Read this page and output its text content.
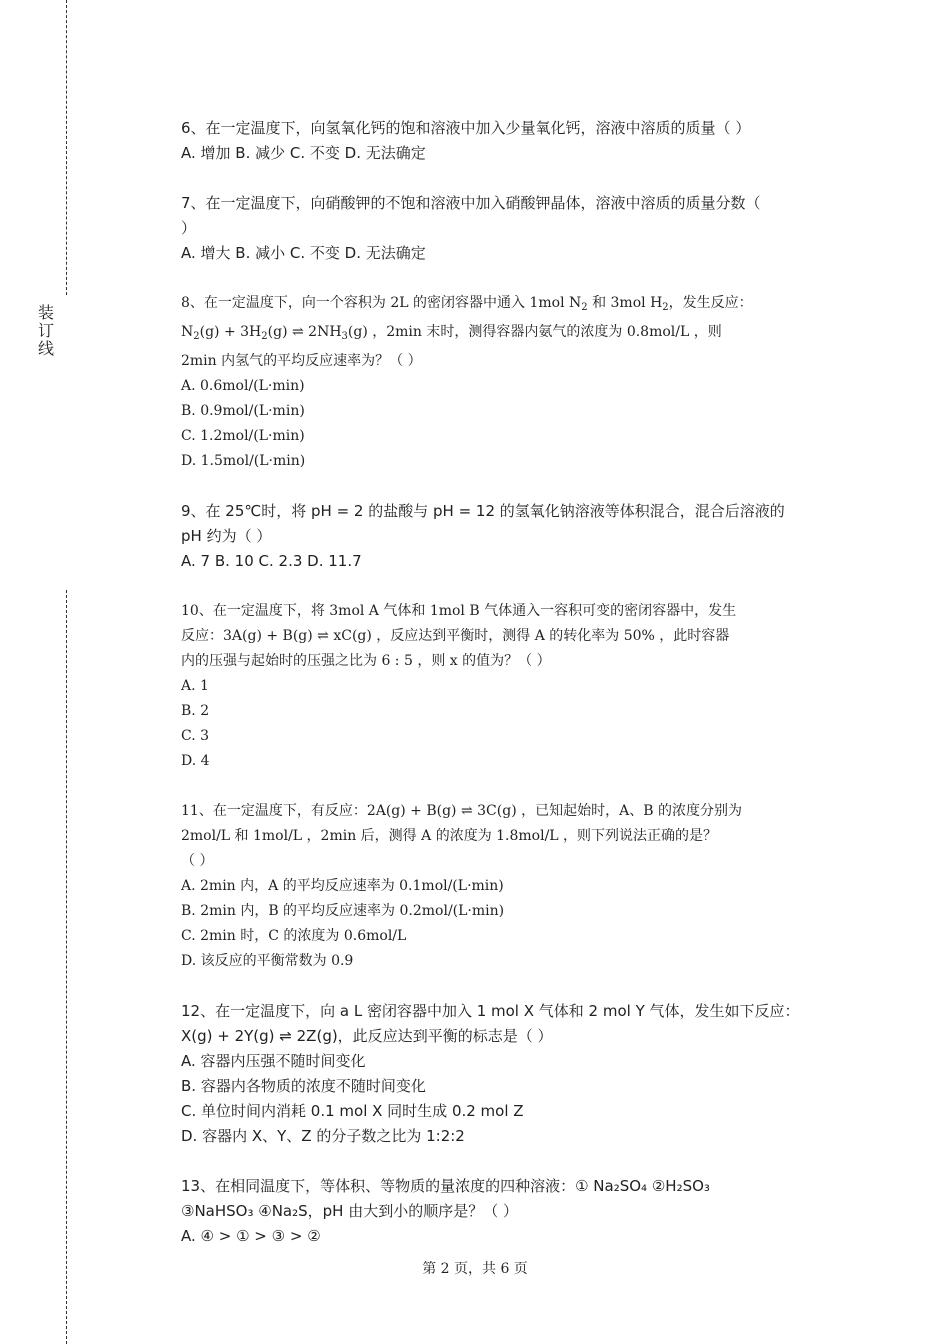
装
订
线
6、在一定温度下，向氢氧化钙的饱和溶液中加入少量氧化钙，溶液中溶质的质量（ ）
A. 增加 B. 减少 C. 不变 D. 无法确定
7、在一定温度下，向硝酸钾的不饱和溶液中加入硝酸钾晶体，溶液中溶质的质量分数（
）
A. 增大 B. 减小 C. 不变 D. 无法确定
8、在一定温度下，向一个容积为 2L 的密闭容器中通入 1mol $N_2$ 和 3mol $H_2$，发生反应：
$N_2(g) + 3H_2(g)$ ⇌ $2NH_3(g)$ ，2min 末时，测得容器内氨气的浓度为 0.8mol/L ，则
2min 内氢气的平均反应速率为？（ ）
A. 0.6mol/(L·min)
B. 0.9mol/(L·min)
C. 1.2mol/(L·min)
D. 1.5mol/(L·min)
9、在 25℃时，将 pH = 2 的盐酸与 pH = 12 的氢氧化钠溶液等体积混合，混合后溶液的
pH 约为（ ）
A. 7 B. 10 C. 2.3 D. 11.7
10、在一定温度下，将 3mol A 气体和 1mol B 气体通入一容积可变的密闭容器中，发生
反应：3A(g) + B(g) ⇌ xC(g) ，反应达到平衡时，测得 A 的转化率为 50% ，此时容器
内的压强与起始时的压强之比为 6 : 5 ，则 x 的值为？（ ）
A. 1
B. 2
C. 3
D. 4
11、在一定温度下，有反应：2A(g) + B(g) ⇌ 3C(g) ，已知起始时，A、B 的浓度分别为
2mol/L 和 1mol/L ，2min 后，测得 A 的浓度为 1.8mol/L ，则下列说法正确的是？
（ ）
A. 2min 内，A 的平均反应速率为 0.1mol/(L·min)
B. 2min 内，B 的平均反应速率为 0.2mol/(L·min)
C. 2min 时，C 的浓度为 0.6mol/L
D. 该反应的平衡常数为 0.9
12、在一定温度下，向 a L 密闭容器中加入 1 mol X 气体和 2 mol Y 气体，发生如下反应：
X(g) + 2Y(g) ⇌ 2Z(g)，此反应达到平衡的标志是（ ）
A. 容器内压强不随时间变化
B. 容器内各物质的浓度不随时间变化
C. 单位时间内消耗 0.1 mol X 同时生成 0.2 mol Z
D. 容器内 X、Y、Z 的分子数之比为 1:2:2
13、在相同温度下，等体积、等物质的量浓度的四种溶液：① Na₂SO₄ ②H₂SO₃
③NaHSO₃ ④Na₂S，pH 由大到小的顺序是？（ ）
A. ④ > ① > ③ > ②
第 2 页，共 6 页
